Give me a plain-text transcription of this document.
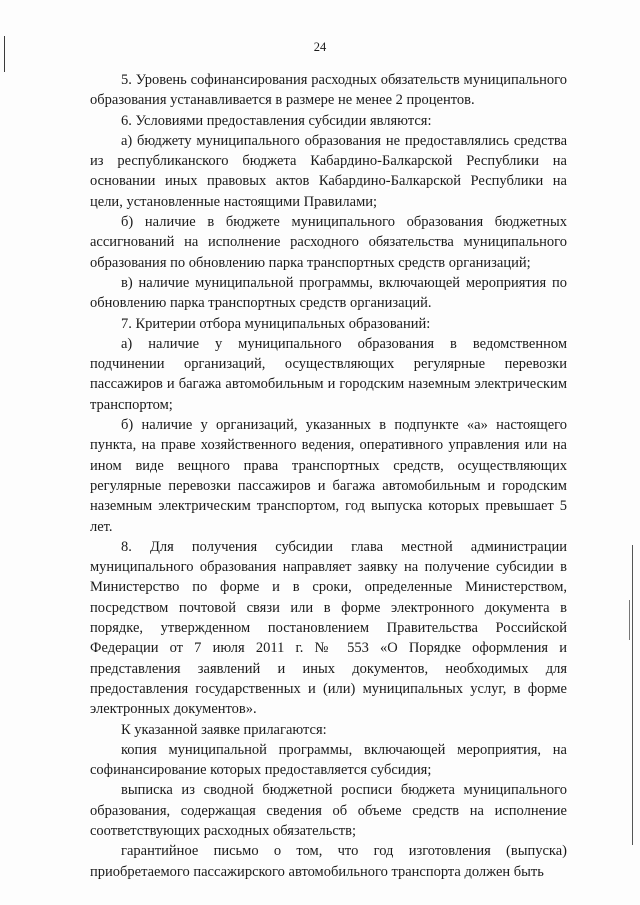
24

5. Уровень софинансирования расходных обязательств муниципального образования устанавливается в размере не менее 2 процентов.

6. Условиями предоставления субсидии являются:

а) бюджету муниципального образования не предоставлялись средства из республиканского бюджета Кабардино-Балкарской Республики на основании иных правовых актов Кабардино-Балкарской Республики на цели, установленные настоящими Правилами;

б) наличие в бюджете муниципального образования бюджетных ассигнований на исполнение расходного обязательства муниципального образования по обновлению парка транспортных средств организаций;

в) наличие муниципальной программы, включающей мероприятия по обновлению парка транспортных средств организаций.

7. Критерии отбора муниципальных образований:

а) наличие у муниципального образования в ведомственном подчинении организаций, осуществляющих регулярные перевозки пассажиров и багажа автомобильным и городским наземным электрическим транспортом;

б) наличие у организаций, указанных в подпункте «а» настоящего пункта, на праве хозяйственного ведения, оперативного управления или на ином виде вещного права транспортных средств, осуществляющих регулярные перевозки пассажиров и багажа автомобильным и городским наземным электрическим транспортом, год выпуска которых превышает 5 лет.

8. Для получения субсидии глава местной администрации муниципального образования направляет заявку на получение субсидии в Министерство по форме и в сроки, определенные Министерством, посредством почтовой связи или в форме электронного документа в порядке, утвержденном постановлением Правительства Российской Федерации от 7 июля 2011 г. № 553 «О Порядке оформления и представления заявлений и иных документов, необходимых для предоставления государственных и (или) муниципальных услуг, в форме электронных документов».

К указанной заявке прилагаются:

копия муниципальной программы, включающей мероприятия, на софинансирование которых предоставляется субсидия;

выписка из сводной бюджетной росписи бюджета муниципального образования, содержащая сведения об объеме средств на исполнение соответствующих расходных обязательств;

гарантийное письмо о том, что год изготовления (выпуска) приобретаемого пассажирского автомобильного транспорта должен быть
